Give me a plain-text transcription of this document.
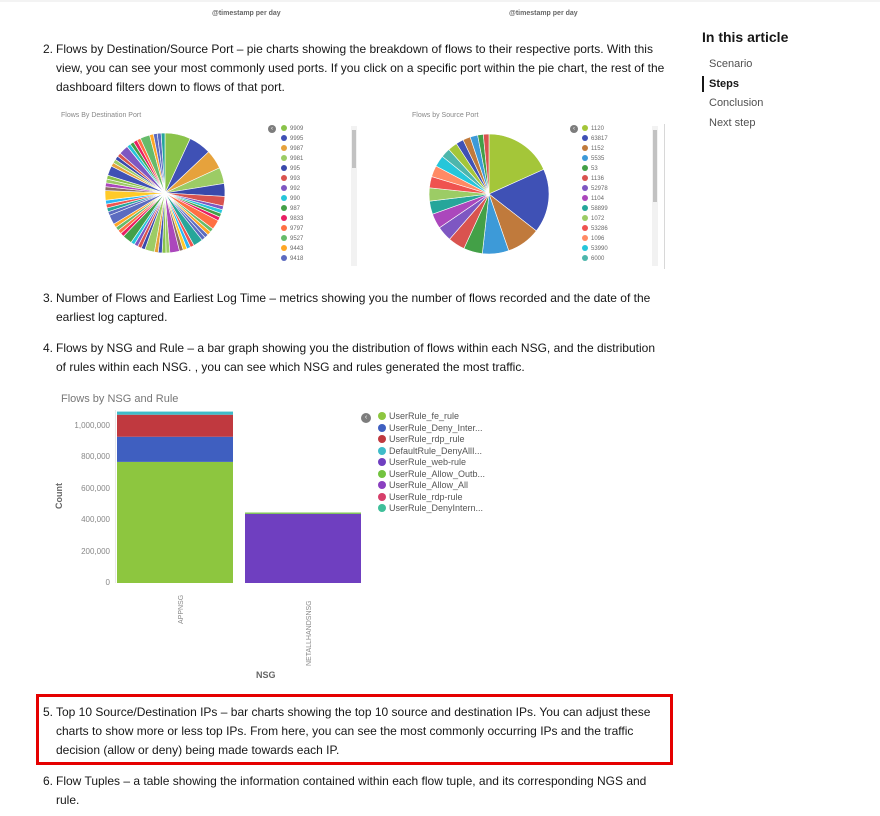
@timestamp per day	@timestamp per day

2. Flows by Destination/Source Port – pie charts showing the breakdown of flows to their respective ports. With this view, you can see your most commonly used ports. If you click on a specific port within the pie chart, the rest of the dashboard filters down to flows of that port.

Flows By Destination Port
‹	9909
9995
9987
9981
995
993
992
990
987
9833
9797
9527
9443
9418
Flows by Source Port
‹	1120
63817
1152
5535
53
1136
52978
1104
58899
1072
53286
1096
53990
6000

3. Number of Flows and Earliest Log Time – metrics showing you the number of flows recorded and the date of the earliest log captured.

4. Flows by NSG and Rule – a bar graph showing you the distribution of flows within each NSG, and the distribution of rules within each NSG. , you can see which NSG and rules generated the most traffic.

Flows by NSG and Rule
Count
1,000,000
800,000
600,000
400,000
200,000
0
APPNSG	NETALLHANDSNSG
NSG
‹	UserRule_fe_rule
UserRule_Deny_Inter...
UserRule_rdp_rule
DefaultRule_DenyAllI...
UserRule_web-rule
UserRule_Allow_Outb...
UserRule_Allow_All
UserRule_rdp-rule
UserRule_DenyIntern...

5. Top 10 Source/Destination IPs – bar charts showing the top 10 source and destination IPs. You can adjust these charts to show more or less top IPs. From here, you can see the most commonly occurring IPs and the traffic decision (allow or deny) being made towards each IP.

6. Flow Tuples – a table showing the information contained within each flow tuple, and its corresponding NGS and rule.

In this article
Scenario
Steps
Conclusion
Next step
